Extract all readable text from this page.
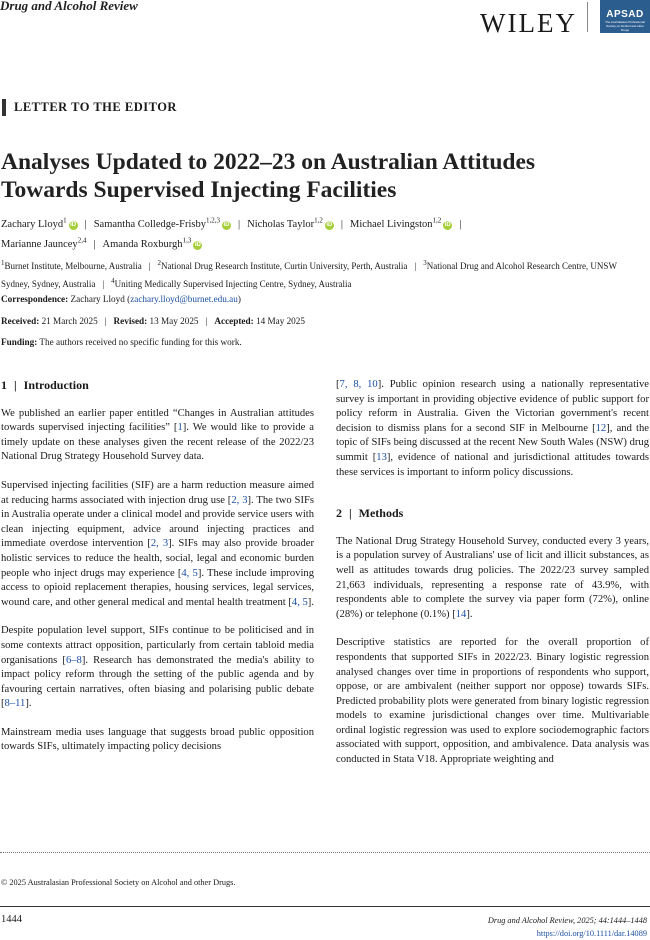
Drug and Alcohol Review
WILEY	APSAD
The Australasian Professional Society on Alcohol and other Drugs
LETTER TO THE EDITOR
Analyses Updated to 2022–23 on Australian Attitudes Towards Supervised Injecting Facilities
Zachary Lloyd$^1$iD | Samantha Colledge-Frisby$^{1,2,3}$iD | Nicholas Taylor$^{1,2}$iD | Michael Livingston$^{1,2}$iD |
Marianne Jauncey$^{2,4}$ | Amanda Roxburgh$^{1,3}$iD
$^1$Burnet Institute, Melbourne, Australia | $^2$National Drug Research Institute, Curtin University, Perth, Australia | $^3$National Drug and Alcohol Research Centre, UNSW Sydney, Sydney, Australia | $^4$Uniting Medically Supervised Injecting Centre, Sydney, Australia
Correspondence: Zachary Lloyd (zachary.lloyd@burnet.edu.au)
Received: 21 March 2025 | Revised: 13 May 2025 | Accepted: 14 May 2025
Funding: The authors received no specific funding for this work.
1 | Introduction

We published an earlier paper entitled “Changes in Australian attitudes towards supervised injecting facilities” [1]. We would like to provide a timely update on these analyses given the recent release of the 2022/23 National Drug Strategy Household Survey data.

Supervised injecting facilities (SIF) are a harm reduction measure aimed at reducing harms associated with injection drug use [2, 3]. The two SIFs in Australia operate under a clinical model and provide service users with clean injecting equipment, advice around injecting practices and immediate overdose intervention [2, 3]. SIFs may also provide broader holistic services to reduce the health, social, legal and economic burden people who inject drugs may experience [4, 5]. These include improving access to opioid replacement therapies, housing services, legal services, wound care, and other general medical and mental health treatment [4, 5].

Despite population level support, SIFs continue to be politicised and in some contexts attract opposition, particularly from certain tabloid media organisations [6–8]. Research has demonstrated the media's ability to impact policy reform through the setting of the public agenda and by favouring certain narratives, often biasing and polarising public debate [8–11].

Mainstream media uses language that suggests broad public opposition towards SIFs, ultimately impacting policy decisions

[7, 8, 10]. Public opinion research using a nationally representative survey is important in providing objective evidence of public support for policy reform in Australia. Given the Victorian government's recent decision to dismiss plans for a second SIF in Melbourne [12], and the topic of SIFs being discussed at the recent New South Wales (NSW) drug summit [13], evidence of national and jurisdictional attitudes towards these services is important to inform policy discussions.

2 | Methods

The National Drug Strategy Household Survey, conducted every 3 years, is a population survey of Australians' use of licit and illicit substances, as well as attitudes towards drug policies. The 2022/23 survey sampled 21,663 individuals, representing a response rate of 43.9%, with respondents able to complete the survey via paper form (72%), online (28%) or telephone (0.1%) [14].

Descriptive statistics are reported for the overall proportion of respondents that supported SIFs in 2022/23. Binary logistic regression analysed changes over time in proportions of respondents who support, oppose, or are ambivalent (neither support nor oppose) towards SIFs. Predicted probability plots were generated from binary logistic regression models to examine jurisdictional changes over time. Multivariable ordinal logistic regression was used to explore sociodemographic factors associated with support, opposition, and ambivalence. Data analysis was conducted in Stata V18. Appropriate weighting and

© 2025 Australasian Professional Society on Alcohol and other Drugs.
1444	Drug and Alcohol Review, 2025; 44:1444–1448
https://doi.org/10.1111/dar.14089
